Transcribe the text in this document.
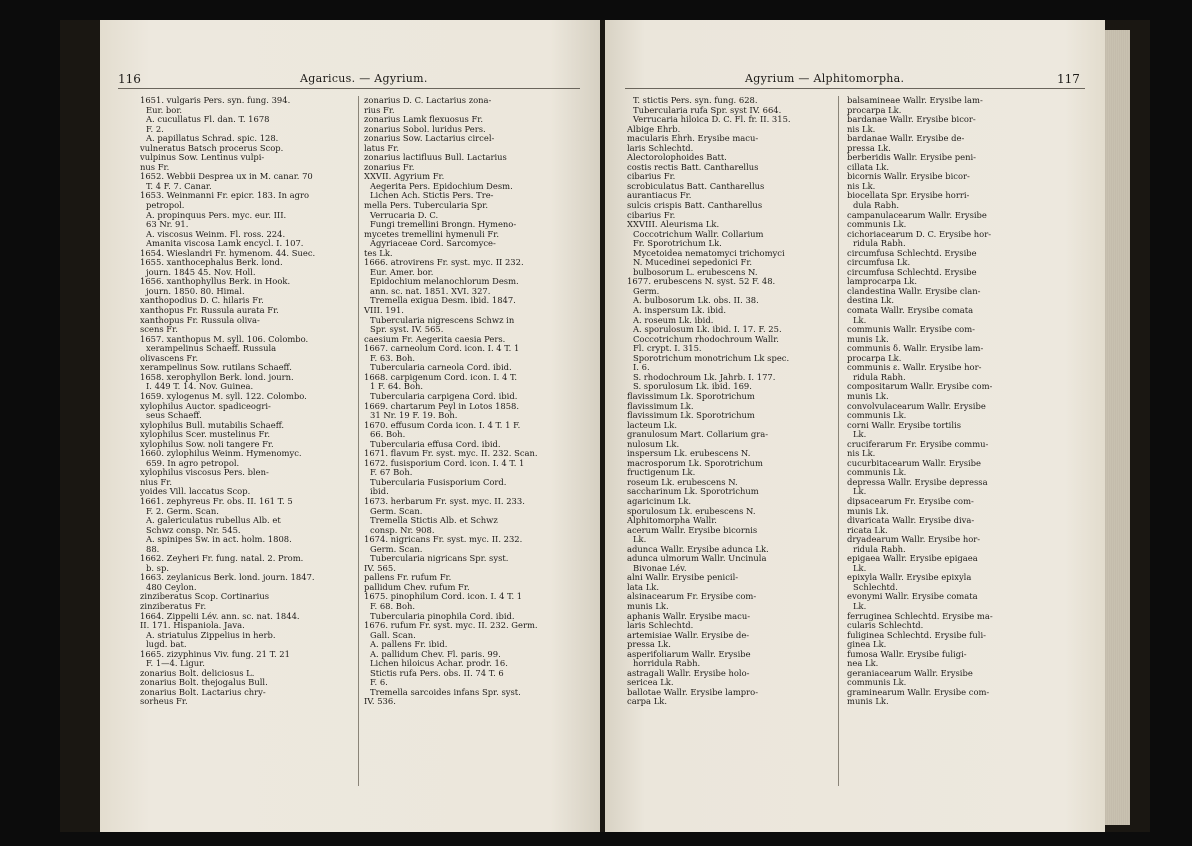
116	Agaricus. — Agyrium.

1651. vulgaris Pers. syn. fung. 394.

Eur. bor.

A. cucullatus Fl. dan. T. 1678

F. 2.

A. papillatus Schrad. spic. 128.

vulneratus Batsch procerus Scop.

vulpinus Sow. Lentinus vulpi-

nus Fr.

1652. Webbii Desprea ux in M. canar. 70

T. 4 F. 7. Canar.

1653. Weinmanni Fr. epicr. 183. In agro

petropol.

A. propinquus Pers. myc. eur. III.

63 Nr. 91.

A. viscosus Weinm. Fl. ross. 224.

Amanita viscosa Lamk encycl. I. 107.

1654. Wieslandri Fr. hymenom. 44. Suec.

1655. xanthocephalus Berk. lond.

journ. 1845 45. Nov. Holl.

1656. xanthophyllus Berk. in Hook.

journ. 1850. 80. Himal.

xanthopodius D. C. hilaris Fr.

xanthopus Fr. Russula aurata Fr.

xanthopus Fr. Russula oliva-

scens Fr.

1657. xanthopus M. syll. 106. Colombo.

xerampelinus Schaeff. Russula

olivascens Fr.

xerampelinus Sow. rutilans Schaeff.

1658. xerophyllon Berk. lond. journ.

I. 449 T. 14. Nov. Guinea.

1659. xylogenus M. syll. 122. Colombo.

xylophilus Auctor. spadiceogri-

seus Schaeff.

xylophilus Bull. mutabilis Schaeff.

xylophilus Scer. mustelinus Fr.

xylophilus Sow. noli tangere Fr.

1660. zylophilus Weinm. Hymenomyc.

659. In agro petropol.

xylophilus viscosus Pers. blen-

nius Fr.

yoides Vill. laccatus Scop.

1661. zephyreus Fr. obs. II. 161 T. 5

F. 2. Germ. Scan.

A. galericulatus rubellus Alb. et

Schwz consp. Nr. 545.

A. spinipes Sw. in act. holm. 1808.

88.

1662. Zeyheri Fr. fung. natal. 2. Prom.

b. sp.

1663. zeylanicus Berk. lond. journ. 1847.

480 Ceylon.

zinziberatus Scop. Cortinarius

zinziberatus Fr.

1664. Zippelii Lév. ann. sc. nat. 1844.

II. 171. Hispaniola. Java.

A. striatulus Zippelius in herb.

lugd. bat.

1665. zizyphinus Viv. fung. 21 T. 21

F. 1—4. Ligur.

zonarius Bolt. deliciosus L.

zonarius Bolt. thejogalus Bull.

zonarius Bolt. Lactarius chry-

sorheus Fr.

zonarius D. C. Lactarius zona-

rius Fr.

zonarius Lamk flexuosus Fr.

zonarius Sobol. luridus Pers.

zonarius Sow. Lactarius circel-

latus Fr.

zonarius lactifluus Bull. Lactarius

zonarius Fr.

XXVII. Agyrium Fr.

Aegerita Pers. Epidochium Desm.

Lichen Ach. Stictis Pers. Tre-

mella Pers. Tubercularia Spr.

Verrucaria D. C.

Fungi tremellini Brongn. Hymeno-

mycetes tremellini hymenuli Fr.

Agyriaceae Cord. Sarcomyce-

tes Lk.

1666. atrovirens Fr. syst. myc. II 232.

Eur. Amer. bor.

Epidochium melanochlorum Desm.

ann. sc. nat. 1851. XVI. 327.

Tremella exigua Desm. ibid. 1847.

VIII. 191.

Tubercularia nigrescens Schwz in

Spr. syst. IV. 565.

caesium Fr. Aegerita caesia Pers.

1667. carneolum Cord. icon. I. 4 T. 1

F. 63. Boh.

Tubercularia carneola Cord. ibid.

1668. carpigenum Cord. icon. I. 4 T.

1 F. 64. Boh.

Tubercularia carpigena Cord. ibid.

1669. chartarum Peyl in Lotos 1858.

31 Nr. 19 F. 19. Boh.

1670. effusum Corda icon. I. 4 T. 1 F.

66. Boh.

Tubercularia effusa Cord. ibid.

1671. flavum Fr. syst. myc. II. 232. Scan.

1672. fusisporium Cord. icon. I. 4 T. 1

F. 67 Boh.

Tubercularia Fusisporium Cord.

ibid.

1673. herbarum Fr. syst. myc. II. 233.

Germ. Scan.

Tremella Stictis Alb. et Schwz

consp. Nr. 908.

1674. nigricans Fr. syst. myc. II. 232.

Germ. Scan.

Tubercularia nigricans Spr. syst.

IV. 565.

pallens Fr. rufum Fr.

pallidum Chev. rufum Fr.

1675. pinophilum Cord. icon. I. 4 T. 1

F. 68. Boh.

Tubercularia pinophila Cord. ibid.

1676. rufum Fr. syst. myc. II. 232. Germ.

Gall. Scan.

A. pallens Fr. ibid.

A. pallidum Chev. Fl. paris. 99.

Lichen hiloicus Achar. prodr. 16.

Stictis rufa Pers. obs. II. 74 T. 6

F. 6.

Tremella sarcoides infans Spr. syst.

IV. 536.

Agyrium — Alphitomorpha.	117

T. stictis Pers. syn. fung. 628.

Tubercularia rufa Spr. syst IV. 664.

Verrucaria hiloica D. C. Fl. fr. II. 315.

Albige Ehrb.

macularis Ehrh. Erysibe macu-

laris Schlechtd.

Alectorolophoides Batt.

costis rectis Batt. Cantharellus

cibarius Fr.

scrobiculatus Batt. Cantharellus

aurantiacus Fr.

sulcis crispis Batt. Cantharellus

cibarius Fr.

XXVIII. Aleurisma Lk.

Coccotrichum Wallr. Collarium

Fr. Sporotrichum Lk.

Mycetoidea nematomyci trichomyci

N. Mucedinei sepedonici Fr.

bulbosorum L. erubescens N.

1677. erubescens N. syst. 52 F. 48.

Germ.

A. bulbosorum Lk. obs. II. 38.

A. inspersum Lk. ibid.

A. roseum Lk. ibid.

A. sporulosum Lk. ibid. I. 17. F. 25.

Coccotrichum rhodochroum Wallr.

Fl. crypt. I. 315.

Sporotrichum monotrichum Lk spec.

I. 6.

S. rhodochroum Lk. Jahrb. I. 177.

S. sporulosum Lk. ibid. 169.

flavissimum Lk. Sporotrichum

flavissimum Lk.

flavissimum Lk. Sporotrichum

lacteum Lk.

granulosum Mart. Collarium gra-

nulosum Lk.

inspersum Lk. erubescens N.

macrosporum Lk. Sporotrichum

fructigenum Lk.

roseum Lk. erubescens N.

saccharinum Lk. Sporotrichum

agaricinum Lk.

sporulosum Lk. erubescens N.

Alphitomorpha Wallr.

acerum Wallr. Erysibe bicornis

Lk.

adunca Wallr. Erysibe adunca Lk.

adunca ulmorum Wallr. Uncinula

Bivonae Lév.

alni Wallr. Erysibe penicil-

lata Lk.

alsinacearum Fr. Erysibe com-

munis Lk.

aphanis Wallr. Erysibe macu-

laris Schlechtd.

artemisiae Wallr. Erysibe de-

pressa Lk.

asperifoliarum Wallr. Erysibe

horridula Rabh.

astragali Wallr. Erysibe holo-

sericea Lk.

ballotae Wallr. Erysibe lampro-

carpa Lk.

balsamineae Wallr. Erysibe lam-

procarpa Lk.

bardanae Wallr. Erysibe bicor-

nis Lk.

bardanae Wallr. Erysibe de-

pressa Lk.

berberidis Wallr. Erysibe peni-

cillata Lk.

bicornis Wallr. Erysibe bicor-

nis Lk.

biocellata Spr. Erysibe horri-

dula Rabh.

campanulacearum Wallr. Erysibe

communis Lk.

cichoriacearum D. C. Erysibe hor-

ridula Rabh.

circumfusa Schlechtd. Erysibe

circumfusa Lk.

circumfusa Schlechtd. Erysibe

lamprocarpa Lk.

clandestina Wallr. Erysibe clan-

destina Lk.

comata Wallr. Erysibe comata

Lk.

communis Wallr. Erysibe com-

munis Lk.

communis δ. Wallr. Erysibe lam-

procarpa Lk.

communis ε. Wallr. Erysibe hor-

ridula Rabh.

compositarum Wallr. Erysibe com-

munis Lk.

convolvulacearum Wallr. Erysibe

communis Lk.

corni Wallr. Erysibe tortilis

Lk.

cruciferarum Fr. Erysibe commu-

nis Lk.

cucurbitacearum Wallr. Erysibe

communis Lk.

depressa Wallr. Erysibe depressa

Lk.

dipsacearum Fr. Erysibe com-

munis Lk.

divaricata Wallr. Erysibe diva-

ricata Lk.

dryadearum Wallr. Erysibe hor-

ridula Rabh.

epigaea Wallr. Erysibe epigaea

Lk.

epixyla Wallr. Erysibe epixyla

Schlechtd.

evonymi Wallr. Erysibe comata

Lk.

ferruginea Schlechtd. Erysibe ma-

cularis Schlechtd.

fuliginea Schlechtd. Erysibe fuli-

ginea Lk.

fumosa Wallr. Erysibe fuligi-

nea Lk.

geraniacearum Wallr. Erysibe

communis Lk.

graminearum Wallr. Erysibe com-

munis Lk.
